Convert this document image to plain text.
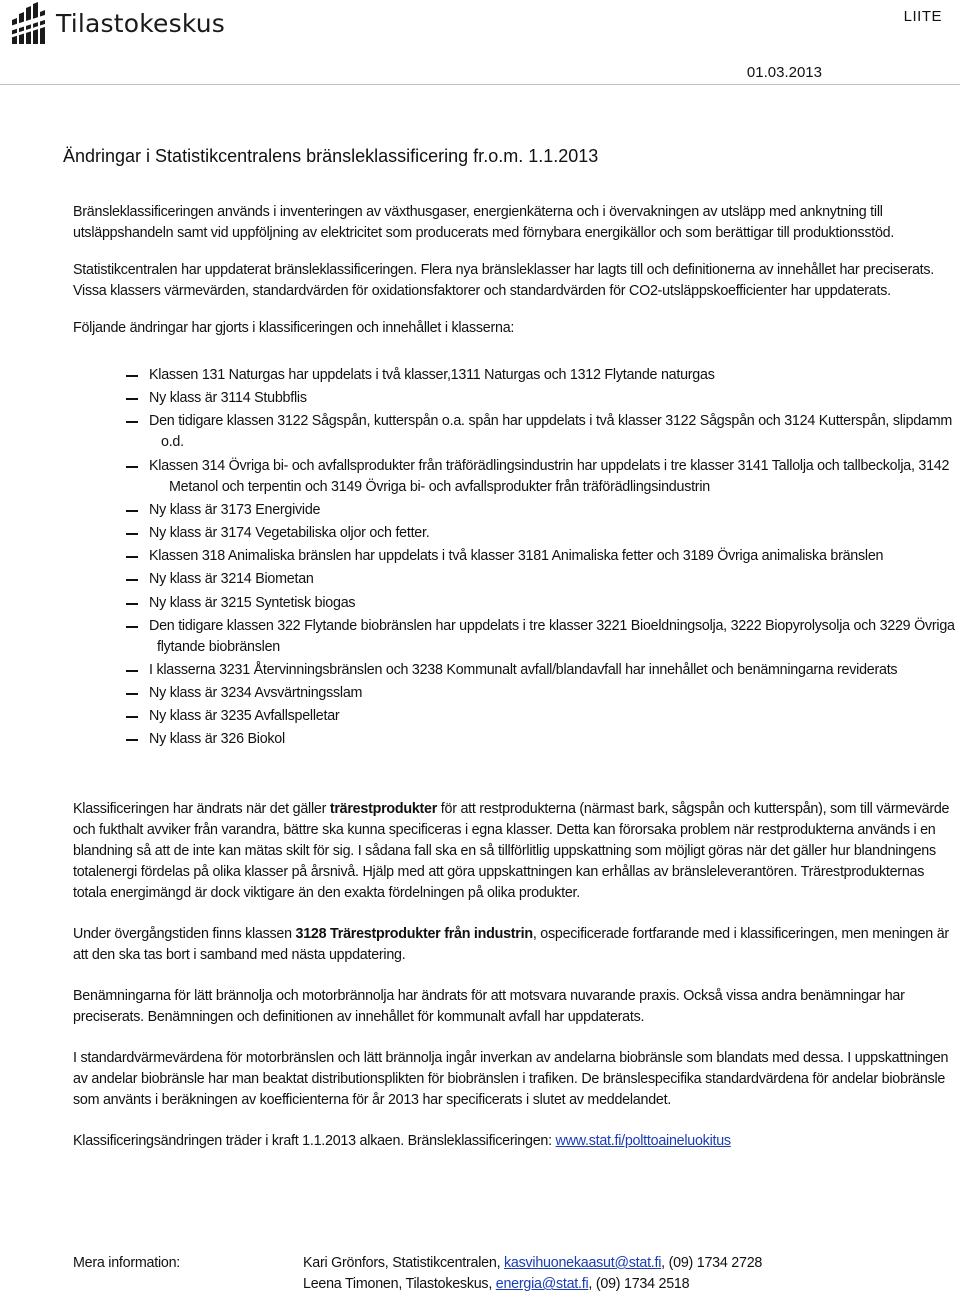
Tilastokeskus	LIITE
01.03.2013
Ändringar i Statistikcentralens bränsleklassificering fr.o.m. 1.1.2013

Bränsleklassificeringen används i inventeringen av växthusgaser, energienkäterna och i övervakningen av utsläpp med anknytning till utsläppshandeln samt vid uppföljning av elektricitet som producerats med förnybara energikällor och som berättigar till produktionsstöd.

Statistikcentralen har uppdaterat bränsleklassificeringen. Flera nya bränsleklasser har lagts till och definitionerna av innehållet har preciserats. Vissa klassers värmevärden, standardvärden för oxidationsfaktorer och standardvärden för CO2-utsläppskoefficienter har uppdaterats.

Följande ändringar har gjorts i klassificeringen och innehållet i klasserna:

Klassen 131 Naturgas har uppdelats i två klasser,1311 Naturgas och 1312 Flytande naturgas
Ny klass är 3114 Stubbflis
Den tidigare klassen 3122 Sågspån, kutterspån o.a. spån har uppdelats i två klasser 3122 Sågspån och 3124 Kutterspån, slipdamm o.d.
Klassen 314 Övriga bi- och avfallsprodukter från träförädlingsindustrin har uppdelats i tre klasser 3141 Tallolja och tallbeckolja, 3142 Metanol och terpentin och 3149 Övriga bi- och avfallsprodukter från träförädlingsindustrin
Ny klass är 3173 Energivide
Ny klass är 3174 Vegetabiliska oljor och fetter.
Klassen 318 Animaliska bränslen har uppdelats i två klasser 3181 Animaliska fetter och 3189 Övriga animaliska bränslen
Ny klass är 3214 Biometan
Ny klass är 3215 Syntetisk biogas
Den tidigare klassen 322 Flytande biobränslen har uppdelats i tre klasser 3221 Bioeldningsolja, 3222 Biopyrolysolja och 3229 Övriga flytande biobränslen
I klasserna 3231 Återvinningsbränslen och 3238 Kommunalt avfall/blandavfall har innehållet och benämningarna reviderats
Ny klass är 3234 Avsvärtningsslam
Ny klass är 3235 Avfallspelletar
Ny klass är 326 Biokol

Klassificeringen har ändrats när det gäller trärestprodukter för att restprodukterna (närmast bark, sågspån och kutterspån), som till värmevärde och fukthalt avviker från varandra, bättre ska kunna specificeras i egna klasser. Detta kan förorsaka problem när restprodukterna används i en blandning så att de inte kan mätas skilt för sig. I sådana fall ska en så tillförlitlig uppskattning som möjligt göras när det gäller hur blandningens totalenergi fördelas på olika klasser på årsnivå. Hjälp med att göra uppskattningen kan erhållas av bränsleleverantören. Trärestprodukternas totala energimängd är dock viktigare än den exakta fördelningen på olika produkter.

Under övergångstiden finns klassen 3128 Trärestprodukter från industrin, ospecificerade fortfarande med i klassificeringen, men meningen är att den ska tas bort i samband med nästa uppdatering.

Benämningarna för lätt brännolja och motorbrännolja har ändrats för att motsvara nuvarande praxis. Också vissa andra benämningar har preciserats. Benämningen och definitionen av innehållet för kommunalt avfall har uppdaterats.

I standardvärmevärdena för motorbränslen och lätt brännolja ingår inverkan av andelarna biobränsle som blandats med dessa. I uppskattningen av andelar biobränsle har man beaktat distributionsplikten för biobränslen i trafiken. De bränslespecifika standardvärdena för andelar biobränsle som använts i beräkningen av koefficienterna för år 2013 har specificerats i slutet av meddelandet.

Klassificeringsändringen träder i kraft 1.1.2013 alkaen. Bränsleklassificeringen: www.stat.fi/polttoaineluokitus

Mera information:	Kari Grönfors, Statistikcentralen, kasvihuonekaasut@stat.fi, (09) 1734 2728
Leena Timonen, Tilastokeskus, energia@stat.fi, (09) 1734 2518
